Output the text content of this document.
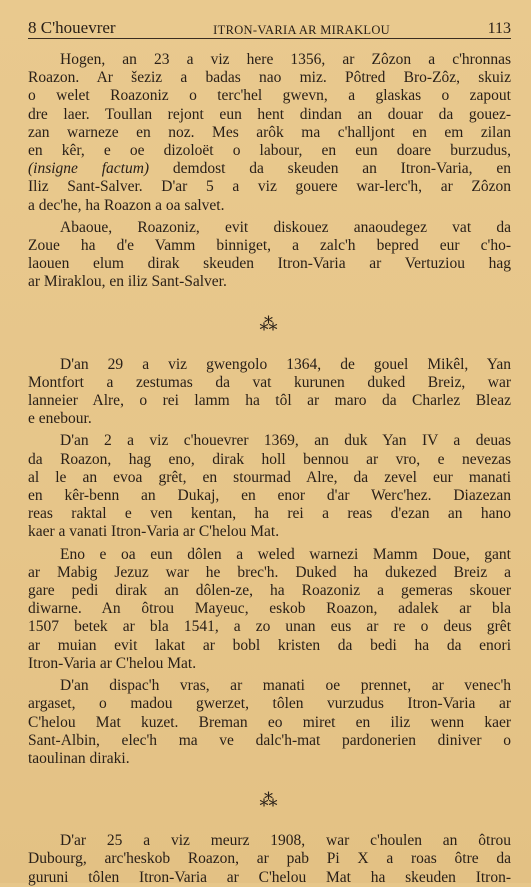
8 C'houevrer	ITRON-VARIA AR MIRAKLOU	113
Hogen, an 23 a viz here 1356, ar Zôzon a c'hronnas
Roazon. Ar šeziz a badas nao miz. Pôtred Bro-Zôz, skuiz
o welet Roazoniz o terc'hel gwevn, a glaskas o zapout
dre laer. Toullan rejont eun hent dindan an douar da gouez-
zan warneze en noz. Mes arôk ma c'halljont en em zilan
en kêr, e oe dizoloët o labour, en eun doare burzudus,
(insigne factum) demdost da skeuden an Itron-Varia, en
Iliz Sant-Salver. D'ar 5 a viz gouere war-lerc'h, ar Zôzon
a dec'he, ha Roazon a oa salvet.
Abaoue, Roazoniz, evit diskouez anaoudegez vat da
Zoue ha d'e Vamm binniget, a zalc'h bepred eur c'ho-
laouen elum dirak skeuden Itron-Varia ar Vertuziou hag
ar Miraklou, en iliz Sant-Salver.
⁂
D'an 29 a viz gwengolo 1364, de gouel Mikêl, Yan
Montfort a zestumas da vat kurunen duked Breiz, war
lanneier Alre, o rei lamm ha tôl ar maro da Charlez Bleaz
e enebour.
D'an 2 a viz c'houevrer 1369, an duk Yan IV a deuas
da Roazon, hag eno, dirak holl bennou ar vro, e nevezas
al le an evoa grêt, en stourmad Alre, da zevel eur manati
en kêr-benn an Dukaj, en enor d'ar Werc'hez. Diazezan
reas raktal e ven kentan, ha rei a reas d'ezan an hano
kaer a vanati Itron-Varia ar C'helou Mat.
Eno e oa eun dôlen a weled warnezi Mamm Doue, gant
ar Mabig Jezuz war he brec'h. Duked ha dukezed Breiz a
gare pedi dirak an dôlen-ze, ha Roazoniz a gemeras skouer
diwarne. An ôtrou Mayeuc, eskob Roazon, adalek ar bla
1507 betek ar bla 1541, a zo unan eus ar re o deus grêt
ar muian evit lakat ar bobl kristen da bedi ha da enori
Itron-Varia ar C'helou Mat.
D'an dispac'h vras, ar manati oe prennet, ar venec'h
argaset, o madou gwerzet, tôlen vurzudus Itron-Varia ar
C'helou Mat kuzet. Breman eo miret en iliz wenn kaer
Sant-Albin, elec'h ma ve dalc'h-mat pardonerien diniver o
taoulinan diraki.
⁂
D'ar 25 a viz meurz 1908, war c'houlen an ôtrou
Dubourg, arc'heskob Roazon, ar pab Pi X a roas ôtre da
guruni tôlen Itron-Varia ar C'helou Mat ha skeuden Itron-
